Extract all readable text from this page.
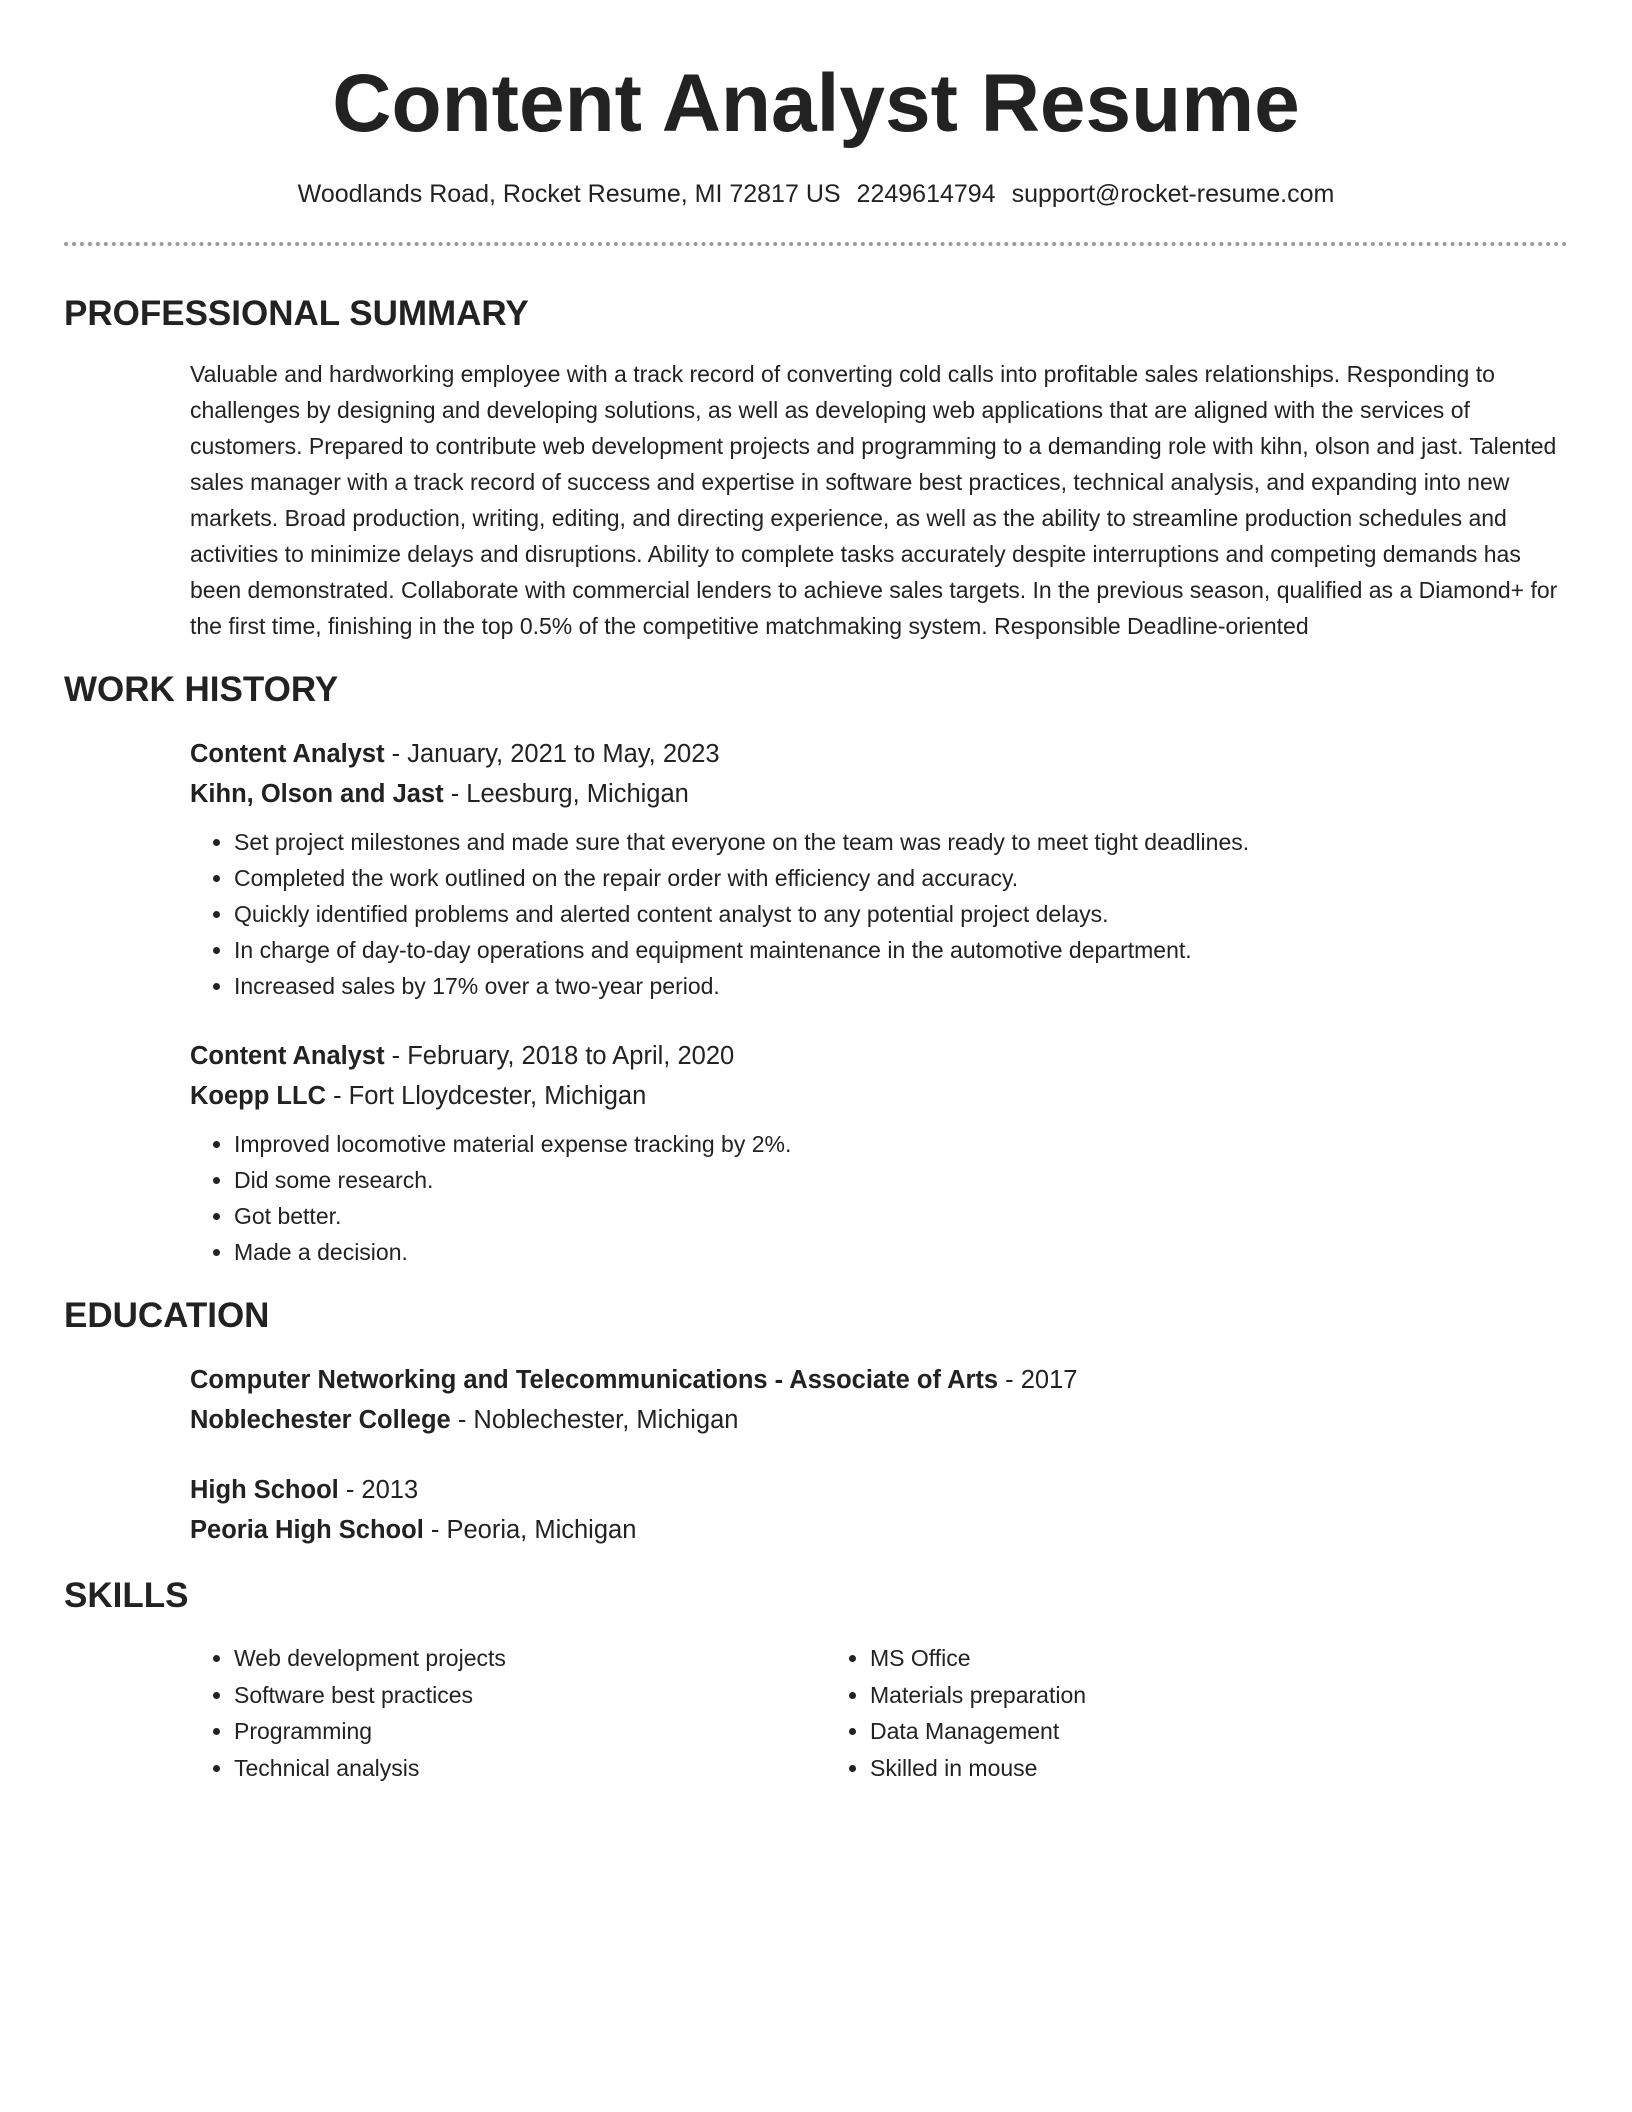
Content Analyst Resume
Woodlands Road, Rocket Resume, MI 72817 US 2249614794 support@rocket-resume.com
PROFESSIONAL SUMMARY

Valuable and hardworking employee with a track record of converting cold calls into profitable sales relationships. Responding to challenges by designing and developing solutions, as well as developing web applications that are aligned with the services of customers. Prepared to contribute web development projects and programming to a demanding role with kihn, olson and jast. Talented sales manager with a track record of success and expertise in software best practices, technical analysis, and expanding into new markets. Broad production, writing, editing, and directing experience, as well as the ability to streamline production schedules and activities to minimize delays and disruptions. Ability to complete tasks accurately despite interruptions and competing demands has been demonstrated. Collaborate with commercial lenders to achieve sales targets. In the previous season, qualified as a Diamond+ for the first time, finishing in the top 0.5% of the competitive matchmaking system. Responsible Deadline-oriented

WORK HISTORY
Content Analyst - January, 2021 to May, 2023
Kihn, Olson and Jast - Leesburg, Michigan
• Set project milestones and made sure that everyone on the team was ready to meet tight deadlines.
• Completed the work outlined on the repair order with efficiency and accuracy.
• Quickly identified problems and alerted content analyst to any potential project delays.
• In charge of day-to-day operations and equipment maintenance in the automotive department.
• Increased sales by 17% over a two-year period.
Content Analyst - February, 2018 to April, 2020
Koepp LLC - Fort Lloydcester, Michigan
• Improved locomotive material expense tracking by 2%.
• Did some research.
• Got better.
• Made a decision.
EDUCATION
Computer Networking and Telecommunications - Associate of Arts - 2017
Noblechester College - Noblechester, Michigan
High School - 2013
Peoria High School - Peoria, Michigan
SKILLS
• Web development projects
• Software best practices
• Programming
• Technical analysis
• MS Office
• Materials preparation
• Data Management
• Skilled in mouse
